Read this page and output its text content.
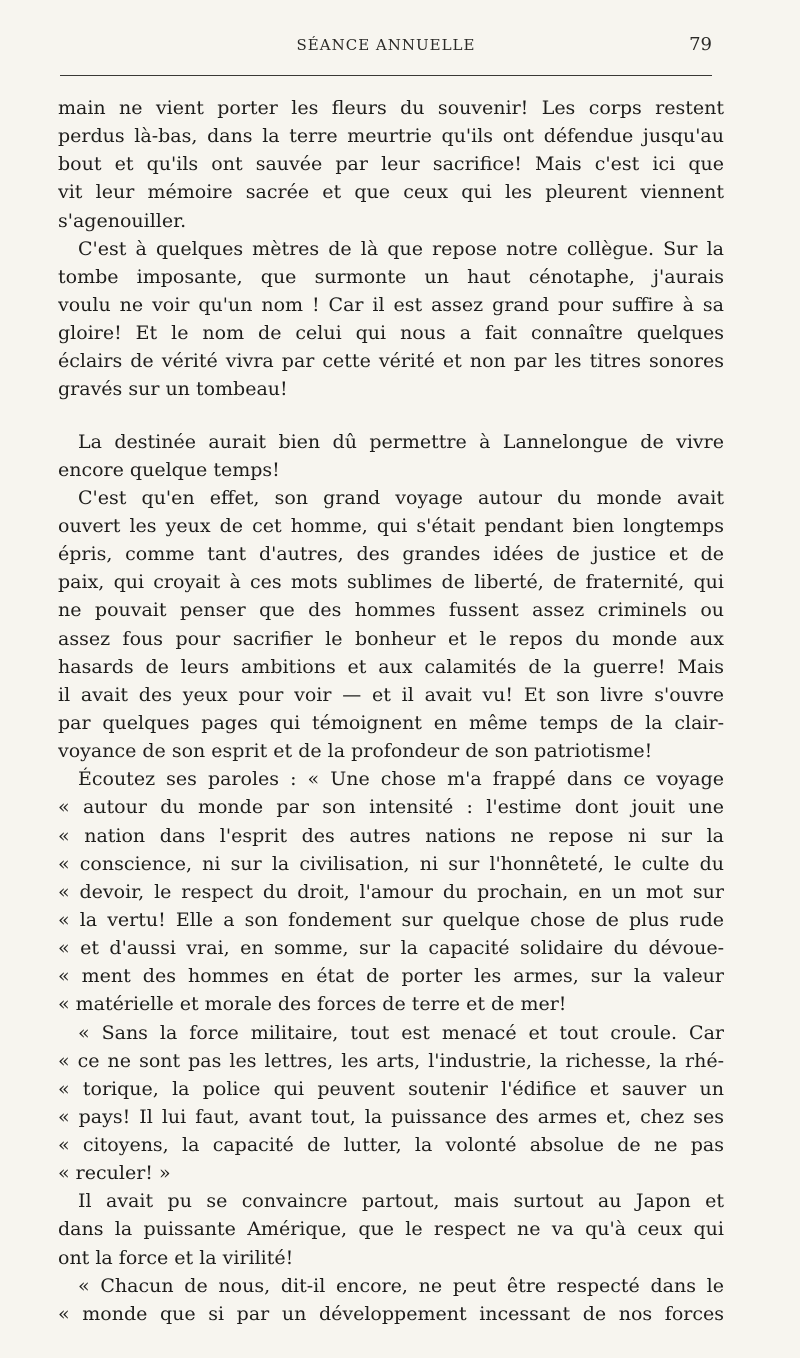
SÉANCE ANNUELLE	79
main ne vient porter les fleurs du souvenir! Les corps restent
perdus là-bas, dans la terre meurtrie qu'ils ont défendue jusqu'au
bout et qu'ils ont sauvée par leur sacrifice! Mais c'est ici que
vit leur mémoire sacrée et que ceux qui les pleurent viennent
s'agenouiller.
C'est à quelques mètres de là que repose notre collègue. Sur la
tombe imposante, que surmonte un haut cénotaphe, j'aurais
voulu ne voir qu'un nom ! Car il est assez grand pour suffire à sa
gloire! Et le nom de celui qui nous a fait connaître quelques
éclairs de vérité vivra par cette vérité et non par les titres sonores
gravés sur un tombeau!
La destinée aurait bien dû permettre à Lannelongue de vivre
encore quelque temps!
C'est qu'en effet, son grand voyage autour du monde avait
ouvert les yeux de cet homme, qui s'était pendant bien longtemps
épris, comme tant d'autres, des grandes idées de justice et de
paix, qui croyait à ces mots sublimes de liberté, de fraternité, qui
ne pouvait penser que des hommes fussent assez criminels ou
assez fous pour sacrifier le bonheur et le repos du monde aux
hasards de leurs ambitions et aux calamités de la guerre! Mais
il avait des yeux pour voir — et il avait vu! Et son livre s'ouvre
par quelques pages qui témoignent en même temps de la clair-
voyance de son esprit et de la profondeur de son patriotisme!
Écoutez ses paroles : « Une chose m'a frappé dans ce voyage
« autour du monde par son intensité : l'estime dont jouit une
« nation dans l'esprit des autres nations ne repose ni sur la
« conscience, ni sur la civilisation, ni sur l'honnêteté, le culte du
« devoir, le respect du droit, l'amour du prochain, en un mot sur
« la vertu! Elle a son fondement sur quelque chose de plus rude
« et d'aussi vrai, en somme, sur la capacité solidaire du dévoue-
« ment des hommes en état de porter les armes, sur la valeur
« matérielle et morale des forces de terre et de mer!
« Sans la force militaire, tout est menacé et tout croule. Car
« ce ne sont pas les lettres, les arts, l'industrie, la richesse, la rhé-
« torique, la police qui peuvent soutenir l'édifice et sauver un
« pays! Il lui faut, avant tout, la puissance des armes et, chez ses
« citoyens, la capacité de lutter, la volonté absolue de ne pas
« reculer! »
Il avait pu se convaincre partout, mais surtout au Japon et
dans la puissante Amérique, que le respect ne va qu'à ceux qui
ont la force et la virilité!
« Chacun de nous, dit-il encore, ne peut être respecté dans le
« monde que si par un développement incessant de nos forces
